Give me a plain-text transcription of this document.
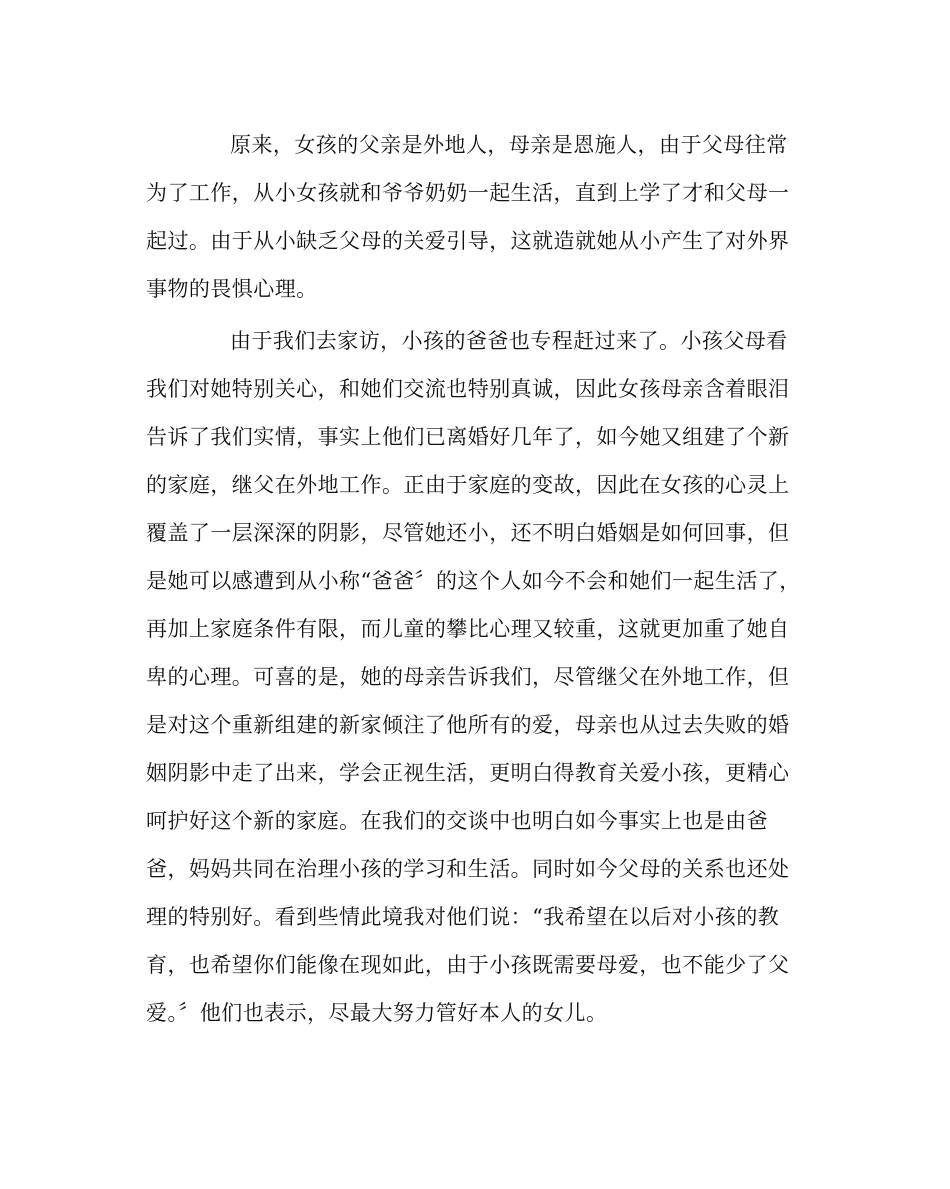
原来，女孩的父亲是外地人，母亲是恩施人，由于父母往常
为了工作，从小女孩就和爷爷奶奶一起生活，直到上学了才和父母一
起过。由于从小缺乏父母的关爱引导，这就造就她从小产生了对外界
事物的畏惧心理。
由于我们去家访，小孩的爸爸也专程赶过来了。小孩父母看
我们对她特别关心，和她们交流也特别真诚，因此女孩母亲含着眼泪
告诉了我们实情，事实上他们已离婚好几年了，如今她又组建了个新
的家庭，继父在外地工作。正由于家庭的变故，因此在女孩的心灵上
覆盖了一层深深的阴影，尽管她还小，还不明白婚姻是如何回事，但
是她可以感遭到从小称“爸爸〞的这个人如今不会和她们一起生活了，
再加上家庭条件有限，而儿童的攀比心理又较重，这就更加重了她自
卑的心理。可喜的是，她的母亲告诉我们，尽管继父在外地工作，但
是对这个重新组建的新家倾注了他所有的爱，母亲也从过去失败的婚
姻阴影中走了出来，学会正视生活，更明白得教育关爱小孩，更精心
呵护好这个新的家庭。在我们的交谈中也明白如今事实上也是由爸
爸，妈妈共同在治理小孩的学习和生活。同时如今父母的关系也还处
理的特别好。看到些情此境我对他们说：“我希望在以后对小孩的教
育，也希望你们能像在现如此，由于小孩既需要母爱，也不能少了父
爱。〞他们也表示，尽最大努力管好本人的女儿。
